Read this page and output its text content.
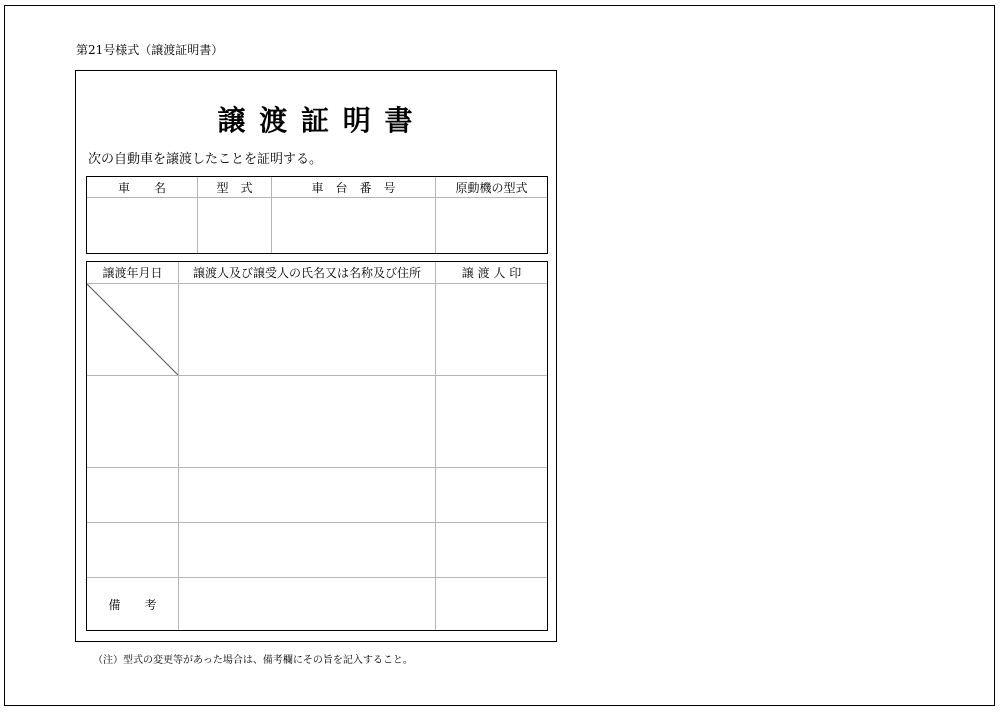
第21号様式（譲渡証明書）
譲 渡 証 明 書
次の自動車を譲渡したことを証明する。
車　　名	型　式	車　台　番　号	原動機の型式

譲渡年月日	譲渡人及び譲受人の氏名又は名称及び住所	譲 渡 人 印

備　　考		
（注）型式の変更等があった場合は、備考欄にその旨を記入すること。
